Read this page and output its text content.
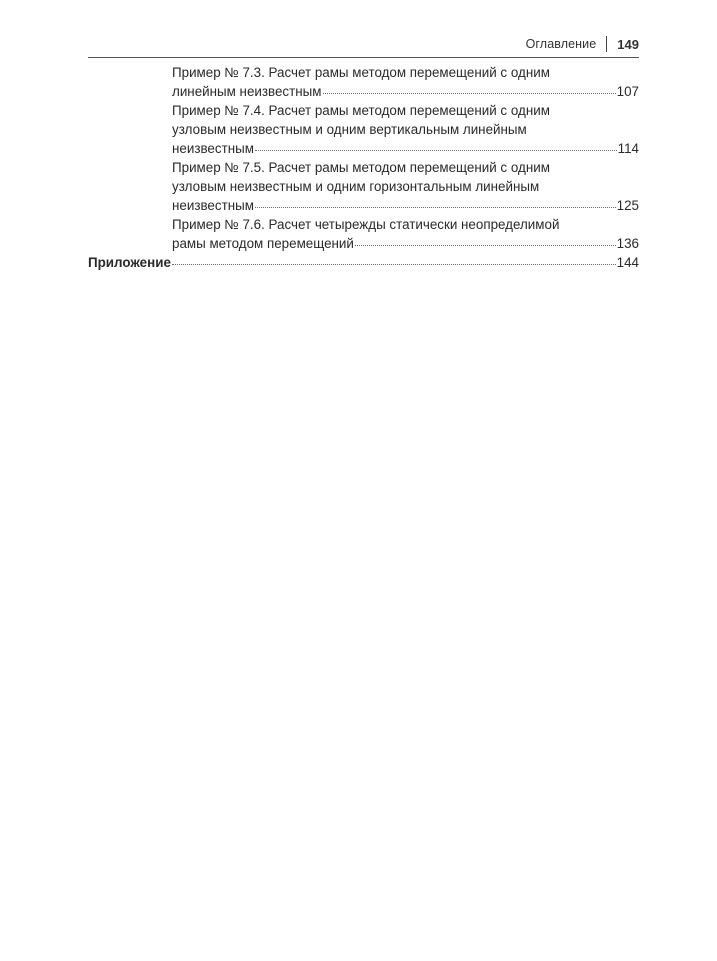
Оглавление 149
Пример № 7.3. Расчет рамы методом перемещений с одним
линейным неизвестным	107
Пример № 7.4. Расчет рамы методом перемещений с одним
узловым неизвестным и одним вертикальным линейным
неизвестным	114
Пример № 7.5. Расчет рамы методом перемещений с одним
узловым неизвестным и одним горизонтальным линейным
неизвестным	125
Пример № 7.6. Расчет четырежды статически неопределимой
рамы методом перемещений	136
Приложение	144
